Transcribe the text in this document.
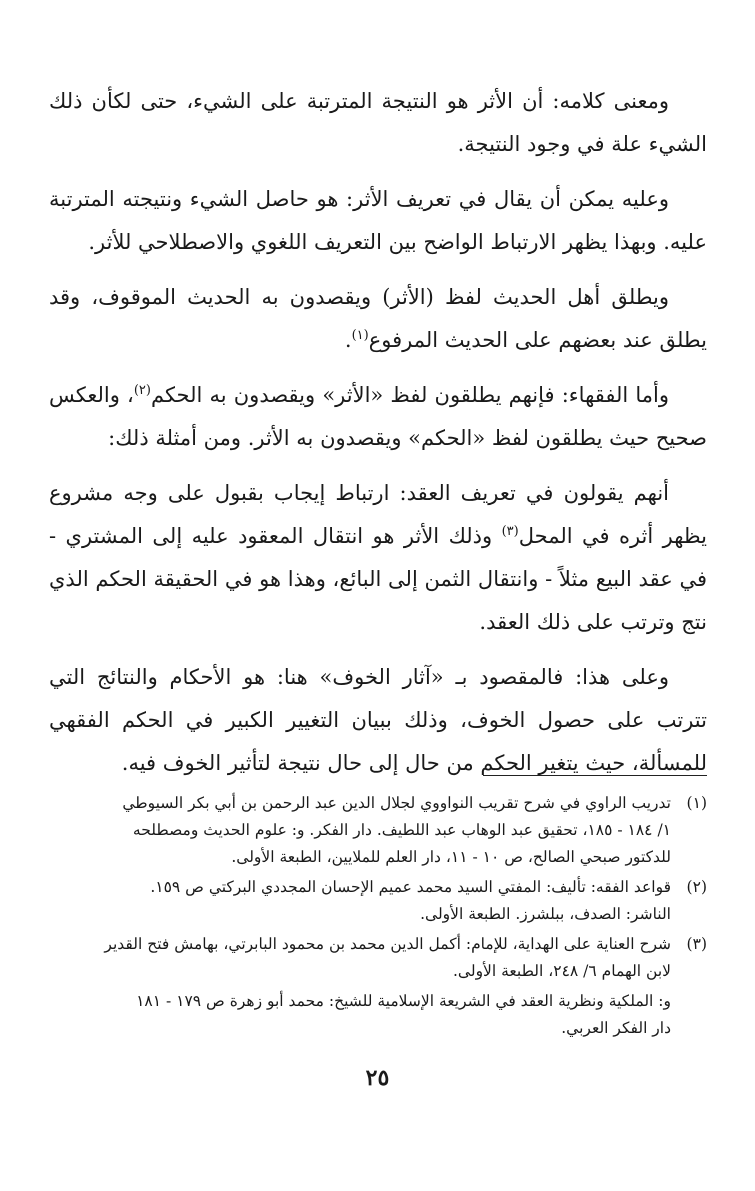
ومعنى كلامه: أن الأثر هو النتيجة المترتبة على الشيء، حتى لكأن ذلك الشيء علة في وجود النتيجة.

وعليه يمكن أن يقال في تعريف الأثر: هو حاصل الشيء ونتيجته المترتبة عليه. وبهذا يظهر الارتباط الواضح بين التعريف اللغوي والاصطلاحي للأثر.

ويطلق أهل الحديث لفظ (الأثر) ويقصدون به الحديث الموقوف، وقد يطلق عند بعضهم على الحديث المرفوع$^{(١)}$.

وأما الفقهاء: فإنهم يطلقون لفظ «الأثر» ويقصدون به الحكم$^{(٢)}$، والعكس صحيح حيث يطلقون لفظ «الحكم» ويقصدون به الأثر. ومن أمثلة ذلك:

أنهم يقولون في تعريف العقد: ارتباط إيجاب بقبول على وجه مشروع يظهر أثره في المحل$^{(٣)}$ وذلك الأثر هو انتقال المعقود عليه إلى المشتري - في عقد البيع مثلاً - وانتقال الثمن إلى البائع، وهذا هو في الحقيقة الحكم الذي نتج وترتب على ذلك العقد.

وعلى هذا: فالمقصود بـ «آثار الخوف» هنا: هو الأحكام والنتائج التي تترتب على حصول الخوف، وذلك ببيان التغيير الكبير في الحكم الفقهي للمسألة، حيث يتغير الحكم من حال إلى حال نتيجة لتأثير الخوف فيه.

(١)
تدريب الراوي في شرح تقريب النواووي لجلال الدين عبد الرحمن بن أبي بكر السيوطي
١/ ١٨٤ - ١٨٥، تحقيق عبد الوهاب عبد اللطيف. دار الفكر. و: علوم الحديث ومصطلحه
للدكتور صبحي الصالح، ص ١٠ - ١١، دار العلم للملايين، الطبعة الأولى.
(٢)
قواعد الفقه: تأليف: المفتي السيد محمد عميم الإحسان المجددي البركتي ص ١٥٩.
الناشر: الصدف، ببلشرز. الطبعة الأولى.
(٣)
شرح العناية على الهداية، للإمام: أكمل الدين محمد بن محمود البابرتي، بهامش فتح القدير
لابن الهمام ٦/ ٢٤٨، الطبعة الأولى.
و: الملكية ونظرية العقد في الشريعة الإسلامية للشيخ: محمد أبو زهرة ص ١٧٩ - ١٨١
دار الفكر العربي.
٢٥
